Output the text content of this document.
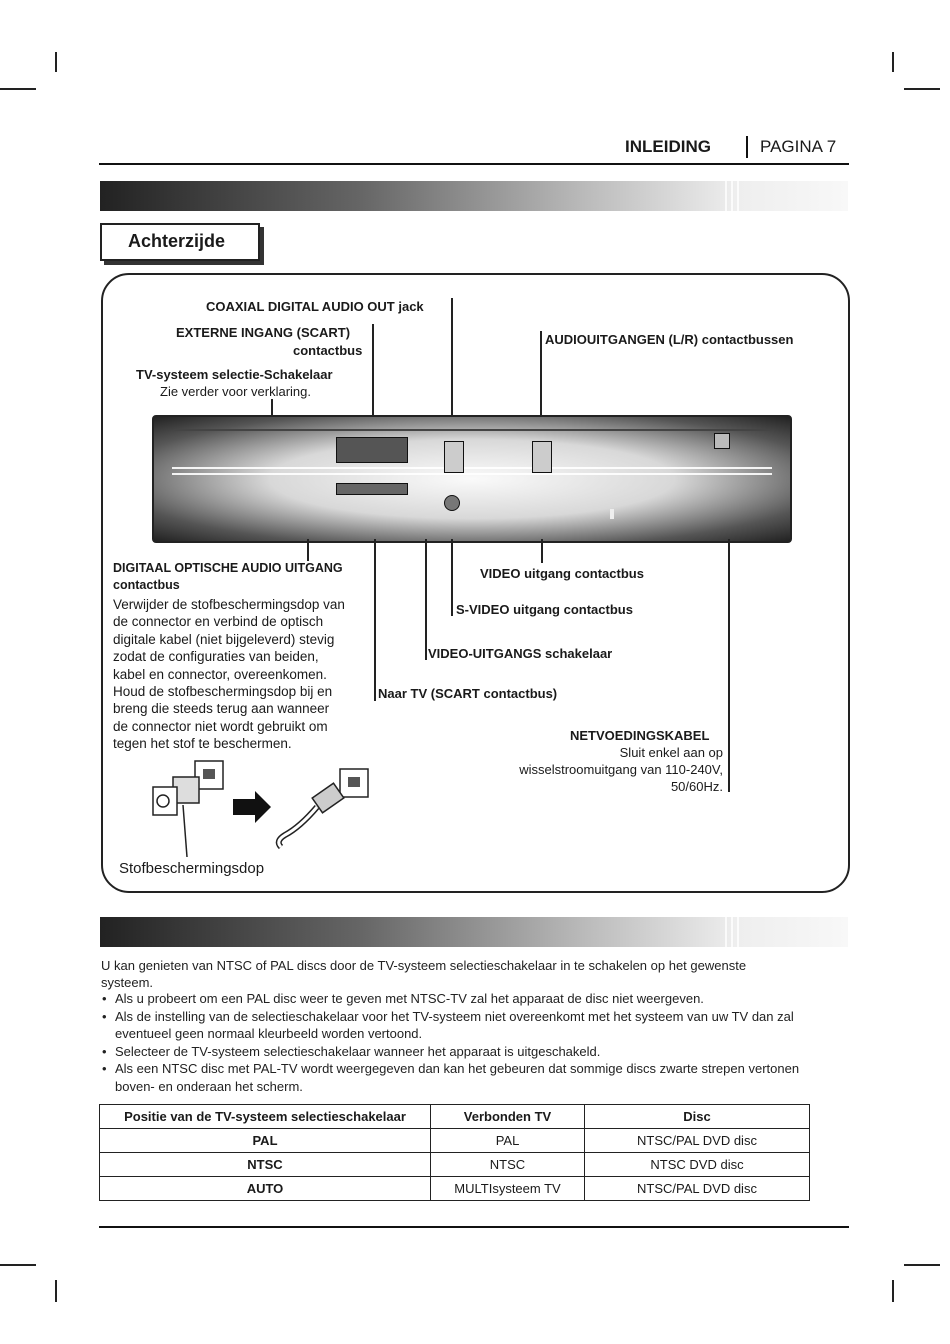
INLEIDING	PAGINA 7
Achterzijde
COAXIAL DIGITAL AUDIO OUT jack
EXTERNE INGANG (SCART)
contactbus
AUDIOUITGANGEN (L/R) contactbussen
TV-systeem selectie-Schakelaar
Zie verder voor verklaring.
DIGITAAL OPTISCHE AUDIO UITGANG
contactbus
Verwijder de stofbeschermingsdop van
de connector en verbind de optisch
digitale kabel (niet bijgeleverd) stevig
zodat de configuraties van beiden,
kabel en connector, overeenkomen.
Houd de stofbeschermingsdop bij en
breng die steeds terug aan wanneer
de connector niet wordt gebruikt om
tegen het stof te beschermen.
VIDEO uitgang contactbus
S-VIDEO uitgang contactbus
VIDEO-UITGANGS schakelaar
Naar TV (SCART contactbus)
NETVOEDINGSKABEL
Sluit enkel aan op
wisselstroomuitgang van 110-240V,
50/60Hz.
Stofbeschermingsdop
U kan genieten van NTSC of PAL discs door de TV-systeem selectieschakelaar in te schakelen op het gewenste
systeem.
• Als u probeert om een PAL disc weer te geven met NTSC-TV zal het apparaat de disc niet weergeven.
• Als de instelling van de selectieschakelaar voor het TV-systeem niet overeenkomt met het systeem van uw TV dan zal eventueel geen normaal kleurbeeld worden vertoond.
• Selecteer de TV-systeem selectieschakelaar wanneer het apparaat is uitgeschakeld.
• Als een NTSC disc met PAL-TV wordt weergegeven dan kan het gebeuren dat sommige discs zwarte strepen vertonen boven- en onderaan het scherm.
Positie van de TV-systeem selectieschakelaar	Verbonden TV	Disc
PAL	PAL	NTSC/PAL DVD disc
NTSC	NTSC	NTSC DVD disc
AUTO	MULTIsysteem TV	NTSC/PAL DVD disc
